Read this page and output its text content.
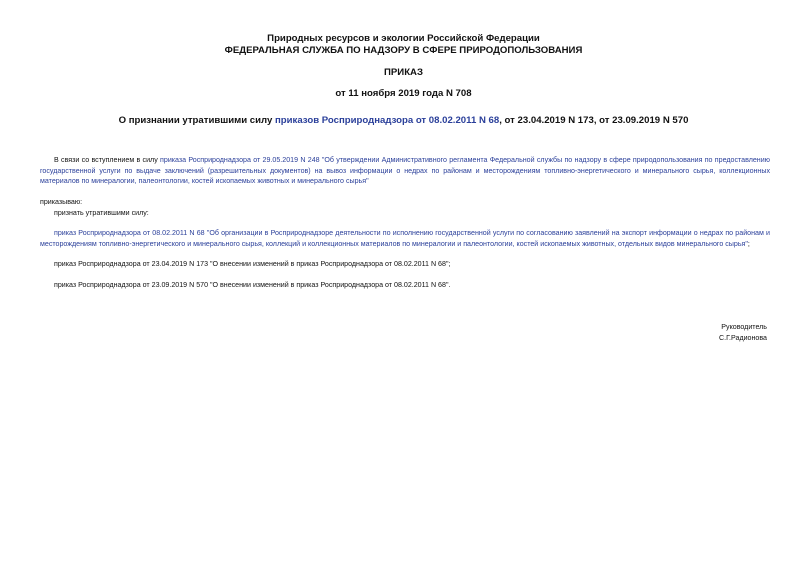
Природных ресурсов и экологии Российской Федерации
ФЕДЕРАЛЬНАЯ СЛУЖБА ПО НАДЗОРУ В СФЕРЕ ПРИРОДОПОЛЬЗОВАНИЯ
ПРИКАЗ
от 11 ноября 2019 года N 708
О признании утратившими силу приказов Росприроднадзора от 08.02.2011 N 68, от 23.04.2019 N 173, от 23.09.2019 N 570

В связи со вступлением в силу приказа Росприроднадзора от 29.05.2019 N 248 "Об утверждении Административного регламента Федеральной службы по надзору в сфере природопользования по предоставлению государственной услуги по выдаче заключений (разрешительных документов) на вывоз информации о недрах по районам и месторождениям топливно-энергетического и минерального сырья, коллекционных материалов по минералогии, палеонтологии, костей ископаемых животных и минерального сырья"

приказываю:
признать утратившими силу:

приказ Росприроднадзора от 08.02.2011 N 68 "Об организации в Росприроднадзоре деятельности по исполнению государственной услуги по согласованию заявлений на экспорт информации о недрах по районам и месторождениям топливно-энергетического и минерального сырья, коллекций и коллекционных материалов по минералогии и палеонтологии, костей ископаемых животных, отдельных видов минерального сырья";

приказ Росприроднадзора от 23.04.2019 N 173 "О внесении изменений в приказ Росприроднадзора от 08.02.2011 N 68";
приказ Росприроднадзора от 23.09.2019 N 570 "О внесении изменений в приказ Росприроднадзора от 08.02.2011 N 68".
Руководитель
С.Г.Радионова
